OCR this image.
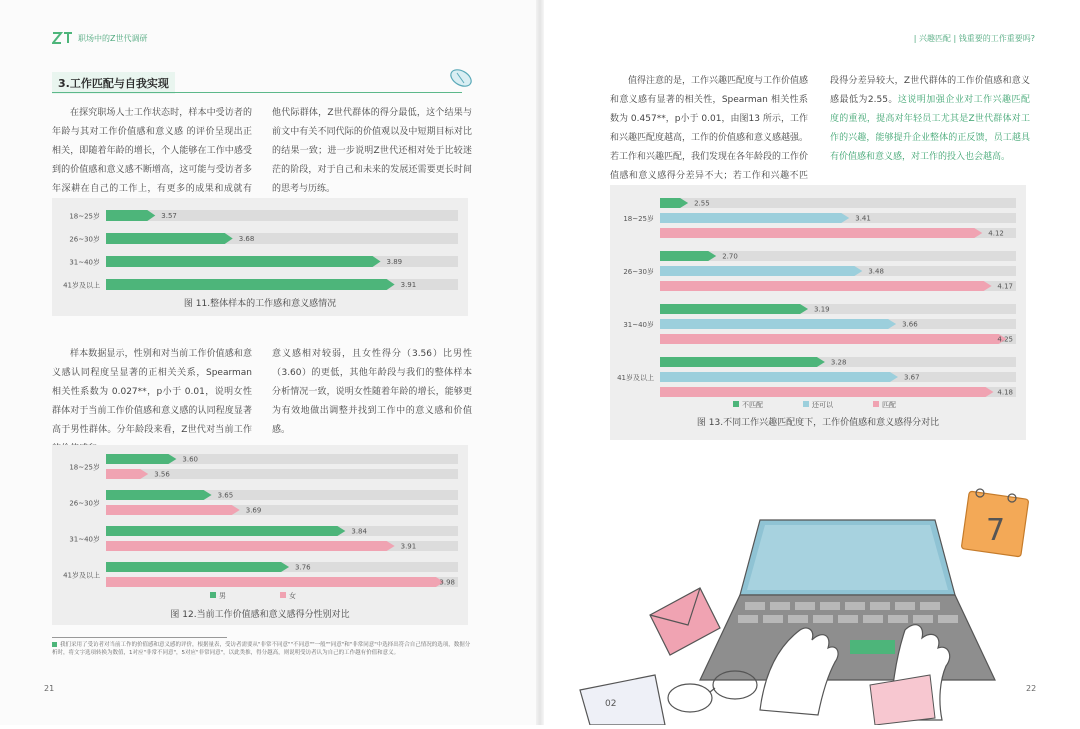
职场中的Z世代调研	| 兴趣匹配 | 钱重要的工作重要吗?
3.工作匹配与自我实现
在探究职场人士工作状态时，样本中受访者的年龄与其对工作价值感和意义感 的评价呈现出正相关，即随着年龄的增长，个人能够在工作中感受到的价值感和意义感不断增高，这可能与受访者多年深耕在自己的工作上，有更多的成果和成就有
他代际群体，Z世代群体的得分最低，这个结果与前文中有关不同代际的价值观以及中短期目标对比的结果一致；进一步说明Z世代还相对处于比较迷茫的阶段，对于自己和未来的发展还需要更长时间的思考与历练。
18~25岁	3.57
26~30岁	3.68
31~40岁	3.89
41岁及以上	3.91
图 11.整体样本的工作感和意义感情况
样本数据显示，性别和对当前工作价值感和意义感认同程度呈显著的正相关关系，Spearman 相关性系数为 0.027**，p小于 0.01，说明女性群体对于当前工作价值感和意义感的认同程度显著高于男性群体。分年龄段来看，Z世代对当前工作
意义感相对较弱，且女性得分（3.56）比男性（3.60）的更低，其他年龄段与我们的整体样本分析情况一致，说明女性随着年龄的增长，能够更为有效地做出调整并找到工作中的意义感和价值感。
18~25岁
3.60
3.56
26~30岁
3.65
3.69
31~40岁
3.84
3.91
41岁及以上
3.76
3.98
男	女
图 12.当前工作价值感和意义感得分性别对比
我们采用了受访者对当前工作的价值感和意义感的评价，根据量表，受访者需要从"非常不同意""不同意""一般""同意"和"非常同意"中选择出符合自己情况的选项，数据分析时，将文字选项转换为数值，1对应"非常不同意"，5对应"非常同意"，以此类推，得分越高，则说明受访者认为自己的工作越有价值和意义。
21	22
值得注意的是，工作兴趣匹配度与工作价值感和意义感有显著的相关性，Spearman 相关性系数为 0.457**，p小于 0.01，由图13 所示，工作和兴趣匹配度越高，工作的价值感和意义感越强。若工作和兴趣匹配，我们发现在各年龄段的工作价值感和意义感得分差异不大；若工作和兴趣不匹
段得分差异较大，Z世代群体的工作价值感和意义感最低为2.55。这说明加强企业对工作兴趣匹配度的重视，提高对年轻员工尤其是Z世代群体对工作的兴趣，能够提升企业整体的正反馈，员工越具有价值感和意义感，对工作的投入也会越高。
18~25岁
2.55
3.41
4.12
26~30岁
2.70
3.48
4.17
31~40岁
3.19
3.66
4.25
41岁及以上
3.28
3.67
4.18
不匹配	还可以	匹配
图 13.不同工作兴趣匹配度下，工作价值感和意义感得分对比
7
02
